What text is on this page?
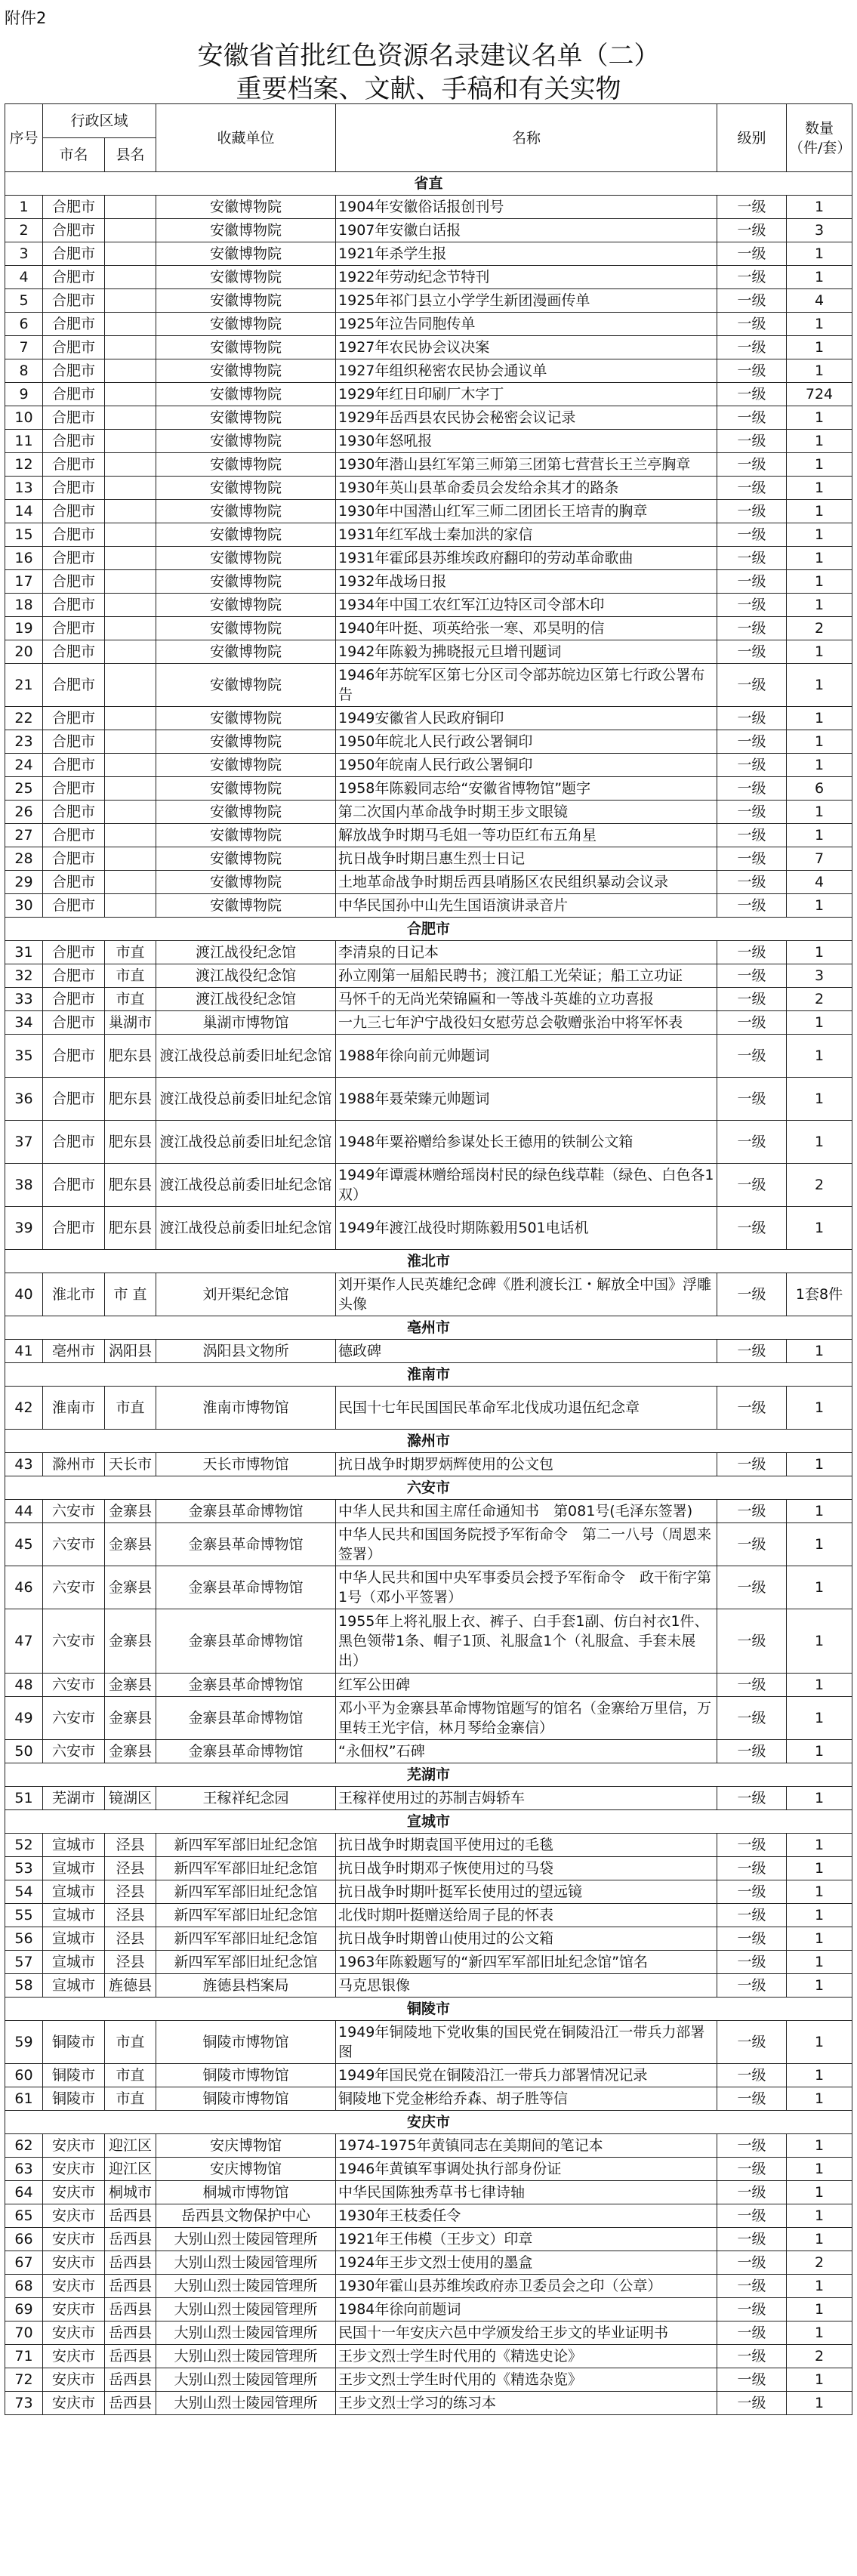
附件2
安徽省首批红色资源名录建议名单（二）
重要档案、文献、手稿和有关实物
序号	行政区域		收藏单位	名称	级别	数量（件/套）
	市名	县名				
省直						
1	合肥市		安徽博物院	1904年安徽俗话报创刊号	一级	1
2	合肥市		安徽博物院	1907年安徽白话报	一级	3
3	合肥市		安徽博物院	1921年杀学生报	一级	1
4	合肥市		安徽博物院	1922年劳动纪念节特刊	一级	1
5	合肥市		安徽博物院	1925年祁门县立小学学生新团漫画传单	一级	4
6	合肥市		安徽博物院	1925年泣告同胞传单	一级	1
7	合肥市		安徽博物院	1927年农民协会议决案	一级	1
8	合肥市		安徽博物院	1927年组织秘密农民协会通议单	一级	1
9	合肥市		安徽博物院	1929年红日印刷厂木字丁	一级	724
10	合肥市		安徽博物院	1929年岳西县农民协会秘密会议记录	一级	1
11	合肥市		安徽博物院	1930年怒吼报	一级	1
12	合肥市		安徽博物院	1930年潜山县红军第三师第三团第七营营长王兰亭胸章	一级	1
13	合肥市		安徽博物院	1930年英山县革命委员会发给余其才的路条	一级	1
14	合肥市		安徽博物院	1930年中国潜山红军三师二团团长王培青的胸章	一级	1
15	合肥市		安徽博物院	1931年红军战士秦加洪的家信	一级	1
16	合肥市		安徽博物院	1931年霍邱县苏维埃政府翻印的劳动革命歌曲	一级	1
17	合肥市		安徽博物院	1932年战场日报	一级	1
18	合肥市		安徽博物院	1934年中国工农红军江边特区司令部木印	一级	1
19	合肥市		安徽博物院	1940年叶挺、项英给张一寒、邓昊明的信	一级	2
20	合肥市		安徽博物院	1942年陈毅为拂晓报元旦增刊题词	一级	1
21	合肥市		安徽博物院	1946年苏皖军区第七分区司令部苏皖边区第七行政公署布告	一级	1
22	合肥市		安徽博物院	1949安徽省人民政府铜印	一级	1
23	合肥市		安徽博物院	1950年皖北人民行政公署铜印	一级	1
24	合肥市		安徽博物院	1950年皖南人民行政公署铜印	一级	1
25	合肥市		安徽博物院	1958年陈毅同志给“安徽省博物馆”题字	一级	6
26	合肥市		安徽博物院	第二次国内革命战争时期王步文眼镜	一级	1
27	合肥市		安徽博物院	解放战争时期马毛姐一等功臣红布五角星	一级	1
28	合肥市		安徽博物院	抗日战争时期吕惠生烈士日记	一级	7
29	合肥市		安徽博物院	土地革命战争时期岳西县哨肠区农民组织暴动会议录	一级	4
30	合肥市		安徽博物院	中华民国孙中山先生国语演讲录音片	一级	1
合肥市						
31	合肥市	市直	渡江战役纪念馆	李清泉的日记本	一级	1
32	合肥市	市直	渡江战役纪念馆	孙立刚第一届船民聘书；渡江船工光荣证；船工立功证	一级	3
33	合肥市	市直	渡江战役纪念馆	马怀千的无尚光荣锦匾和一等战斗英雄的立功喜报	一级	2
34	合肥市	巢湖市	巢湖市博物馆	一九三七年沪宁战役妇女慰劳总会敬赠张治中将军怀表	一级	1
35	合肥市	肥东县	渡江战役总前委旧址纪念馆	1988年徐向前元帅题词	一级	1
36	合肥市	肥东县	渡江战役总前委旧址纪念馆	1988年聂荣臻元帅题词	一级	1
37	合肥市	肥东县	渡江战役总前委旧址纪念馆	1948年粟裕赠给参谋处长王德用的铁制公文箱	一级	1
38	合肥市	肥东县	渡江战役总前委旧址纪念馆	1949年谭震林赠给瑶岗村民的绿色线草鞋（绿色、白色各1双）	一级	2
39	合肥市	肥东县	渡江战役总前委旧址纪念馆	1949年渡江战役时期陈毅用501电话机	一级	1
淮北市						
40	淮北市	市 直	刘开渠纪念馆	刘开渠作人民英雄纪念碑《胜利渡长江・解放全中国》浮雕头像	一级	1套8件
亳州市						
41	亳州市	涡阳县	涡阳县文物所	德政碑	一级	1
淮南市						
42	淮南市	市直	淮南市博物馆	民国十七年民国国民革命军北伐成功退伍纪念章	一级	1
滁州市						
43	滁州市	天长市	天长市博物馆	抗日战争时期罗炳辉使用的公文包	一级	1
六安市						
44	六安市	金寨县	金寨县革命博物馆	中华人民共和国主席任命通知书　第081号(毛泽东签署)	一级	1
45	六安市	金寨县	金寨县革命博物馆	中华人民共和国国务院授予军衔命令　第二一八号（周恩来签署）	一级	1
46	六安市	金寨县	金寨县革命博物馆	中华人民共和国中央军事委员会授予军衔命令　政干衔字第1号（邓小平签署）	一级	1
47	六安市	金寨县	金寨县革命博物馆	1955年上将礼服上衣、裤子、白手套1副、仿白衬衣1件、黑色领带1条、帽子1顶、礼服盒1个（礼服盒、手套未展出）	一级	1
48	六安市	金寨县	金寨县革命博物馆	红军公田碑	一级	1
49	六安市	金寨县	金寨县革命博物馆	邓小平为金寨县革命博物馆题写的馆名（金寨给万里信，万里转王光宇信，林月琴给金寨信）	一级	1
50	六安市	金寨县	金寨县革命博物馆	“永佃权”石碑	一级	1
芜湖市						
51	芜湖市	镜湖区	王稼祥纪念园	王稼祥使用过的苏制吉姆轿车	一级	1
宣城市						
52	宣城市	泾县	新四军军部旧址纪念馆	抗日战争时期袁国平使用过的毛毯	一级	1
53	宣城市	泾县	新四军军部旧址纪念馆	抗日战争时期邓子恢使用过的马袋	一级	1
54	宣城市	泾县	新四军军部旧址纪念馆	抗日战争时期叶挺军长使用过的望远镜	一级	1
55	宣城市	泾县	新四军军部旧址纪念馆	北伐时期叶挺赠送给周子昆的怀表	一级	1
56	宣城市	泾县	新四军军部旧址纪念馆	抗日战争时期曾山使用过的公文箱	一级	1
57	宣城市	泾县	新四军军部旧址纪念馆	1963年陈毅题写的“新四军军部旧址纪念馆”馆名	一级	1
58	宣城市	旌德县	旌德县档案局	马克思银像	一级	1
铜陵市						
59	铜陵市	市直	铜陵市博物馆	1949年铜陵地下党收集的国民党在铜陵沿江一带兵力部署图	一级	1
60	铜陵市	市直	铜陵市博物馆	1949年国民党在铜陵沿江一带兵力部署情况记录	一级	1
61	铜陵市	市直	铜陵市博物馆	铜陵地下党金彬给乔森、胡子胜等信	一级	1
安庆市						
62	安庆市	迎江区	安庆博物馆	1974-1975年黄镇同志在美期间的笔记本	一级	1
63	安庆市	迎江区	安庆博物馆	1946年黄镇军事调处执行部身份证	一级	1
64	安庆市	桐城市	桐城市博物馆	中华民国陈独秀草书七律诗轴	一级	1
65	安庆市	岳西县	岳西县文物保护中心	1930年王枝委任令	一级	1
66	安庆市	岳西县	大别山烈士陵园管理所	1921年王伟模（王步文）印章	一级	1
67	安庆市	岳西县	大别山烈士陵园管理所	1924年王步文烈士使用的墨盒	一级	2
68	安庆市	岳西县	大别山烈士陵园管理所	1930年霍山县苏维埃政府赤卫委员会之印（公章）	一级	1
69	安庆市	岳西县	大别山烈士陵园管理所	1984年徐向前题词	一级	1
70	安庆市	岳西县	大别山烈士陵园管理所	民国十一年安庆六邑中学颁发给王步文的毕业证明书	一级	1
71	安庆市	岳西县	大别山烈士陵园管理所	王步文烈士学生时代用的《精选史论》	一级	2
72	安庆市	岳西县	大别山烈士陵园管理所	王步文烈士学生时代用的《精选杂览》	一级	1
73	安庆市	岳西县	大别山烈士陵园管理所	王步文烈士学习的练习本	一级	1
